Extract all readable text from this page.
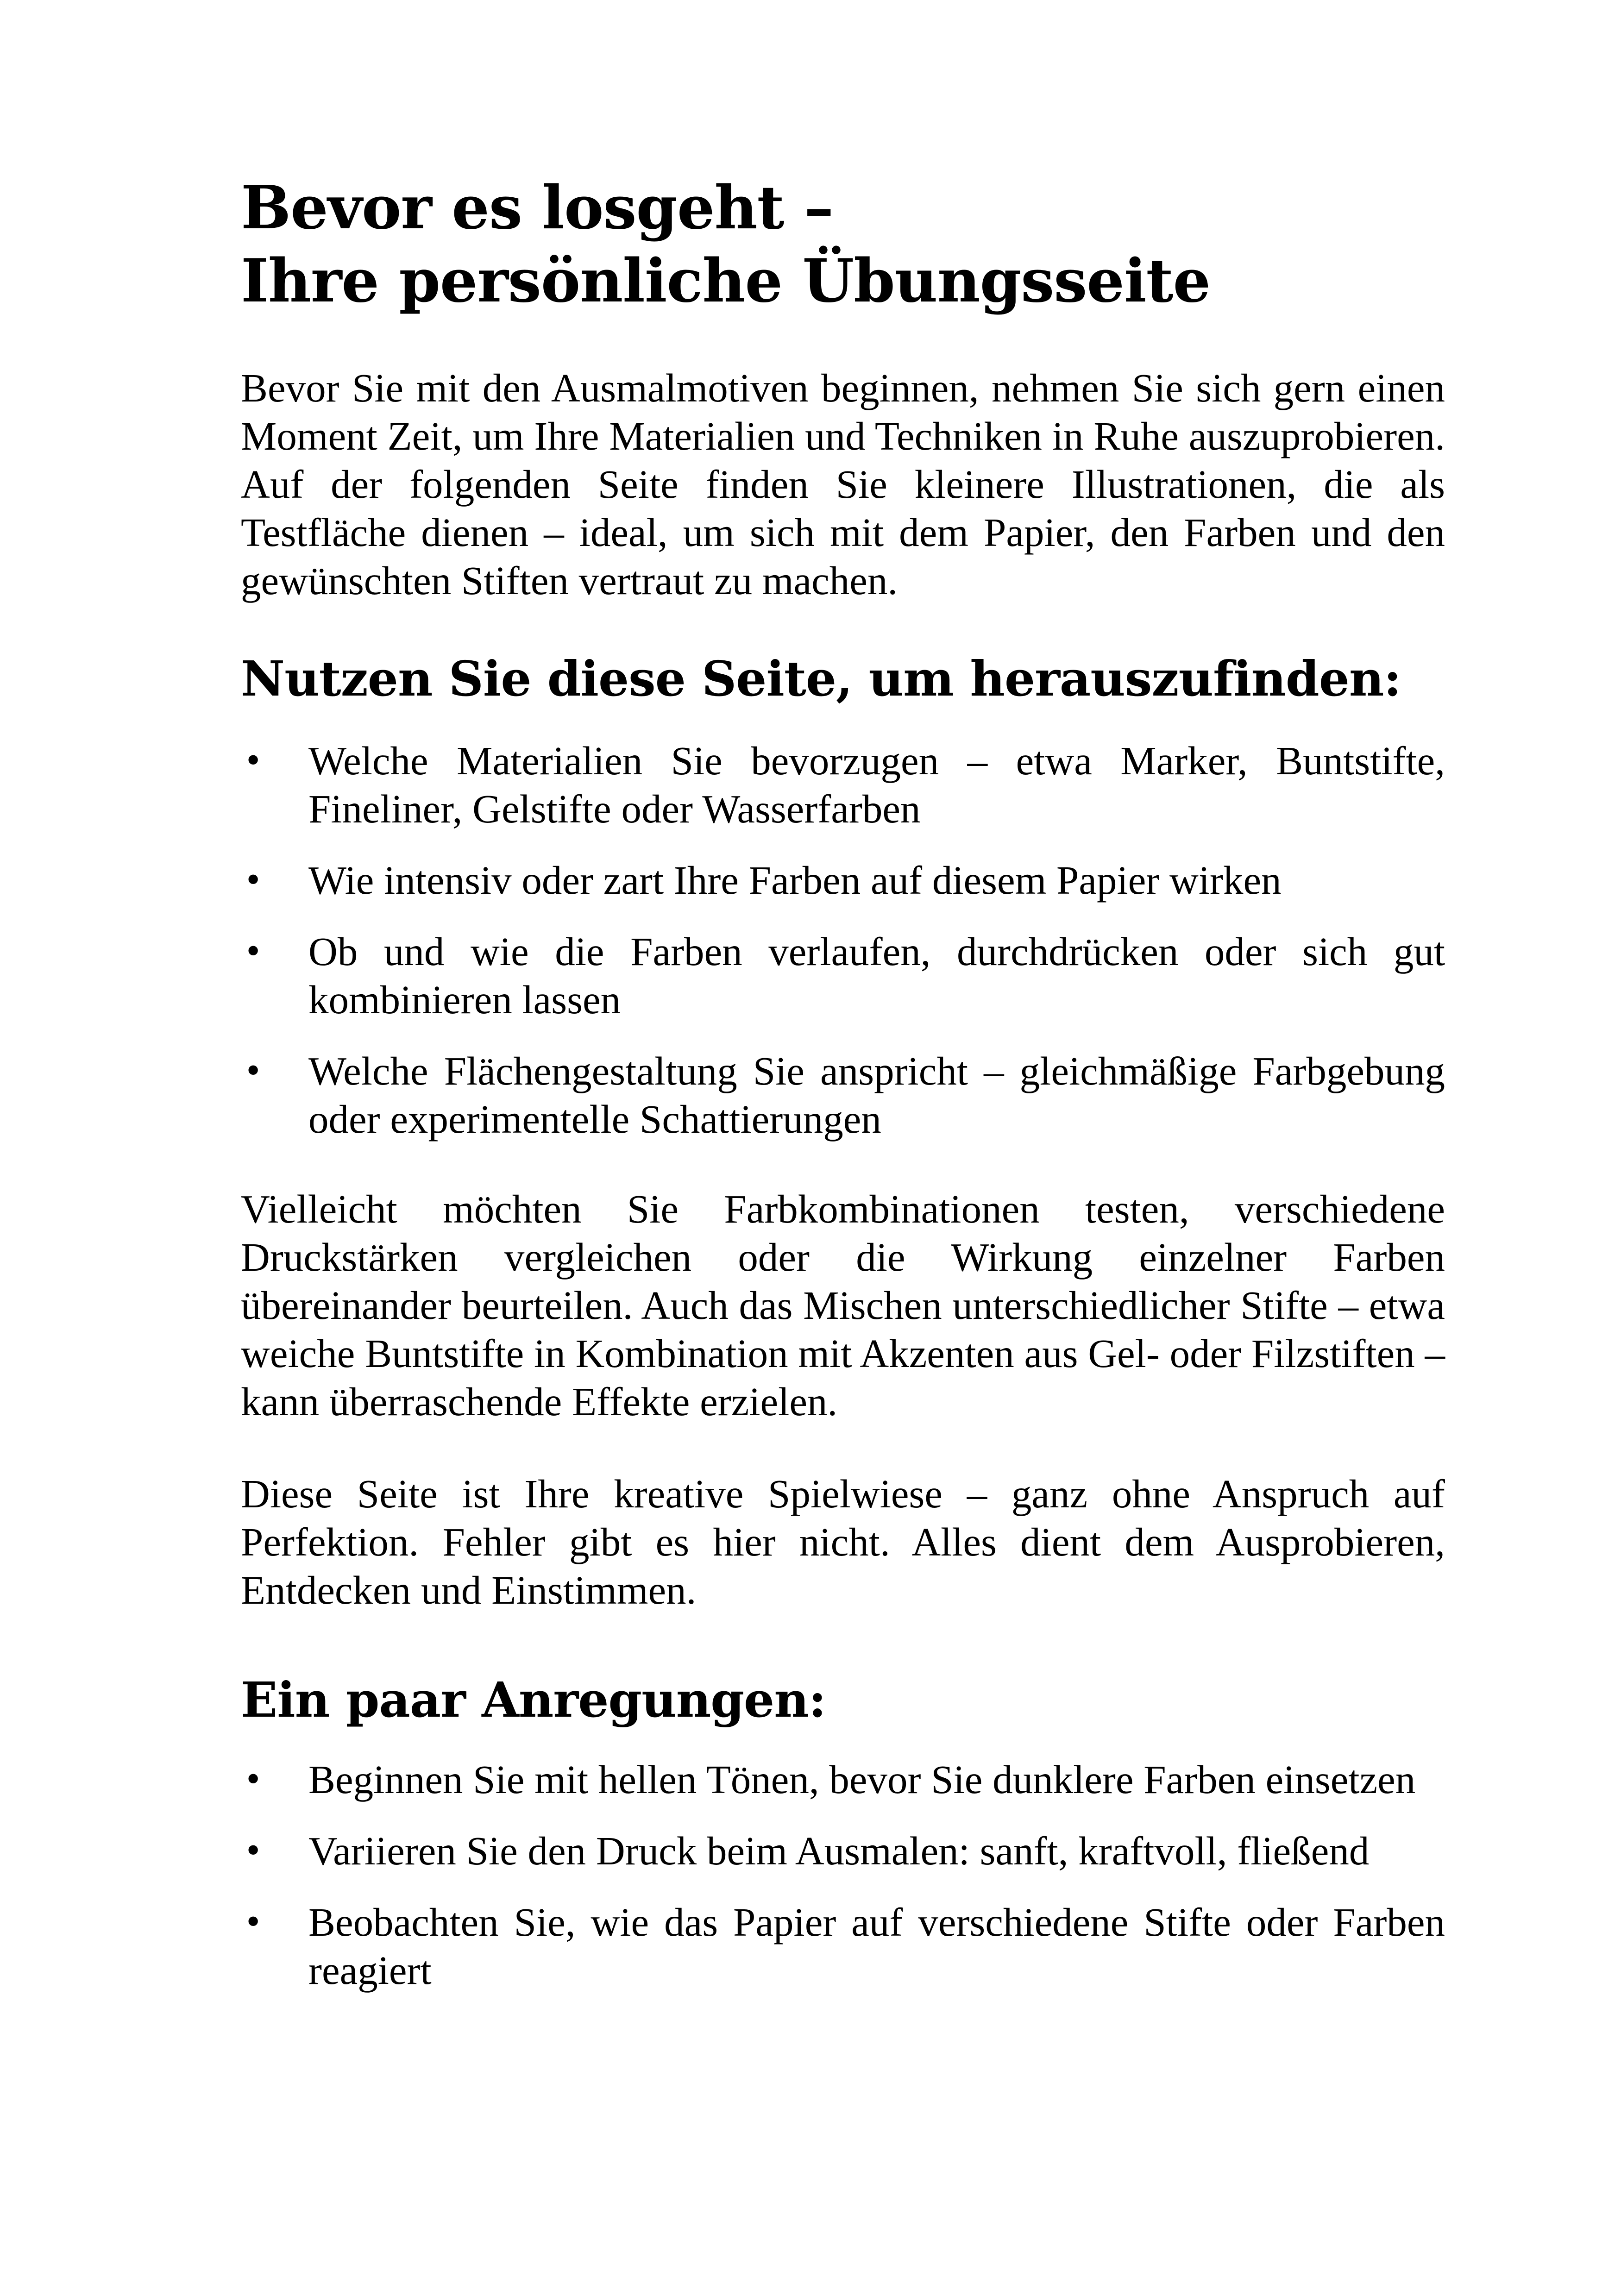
Bevor es losgeht –
Ihre persönliche Übungsseite

Bevor Sie mit den Ausmalmotiven beginnen, nehmen Sie sich gern einen Moment Zeit, um Ihre Materialien und Techniken in Ruhe auszuprobieren. Auf der folgenden Seite finden Sie kleinere Illustrationen, die als Testfläche dienen – ideal, um sich mit dem Papier, den Farben und den gewünschten Stiften vertraut zu machen.

Nutzen Sie diese Seite, um herauszufinden:
• Welche Materialien Sie bevorzugen – etwa Marker, Buntstifte, Fineliner, Gelstifte oder Wasserfarben
• Wie intensiv oder zart Ihre Farben auf diesem Papier wirken
• Ob und wie die Farben verlaufen, durchdrücken oder sich gut kombinieren lassen
• Welche Flächengestaltung Sie anspricht – gleichmäßige Farbgebung oder experimentelle Schattierungen

Vielleicht möchten Sie Farbkombinationen testen, verschiedene Druckstärken vergleichen oder die Wirkung einzelner Farben übereinander beurteilen. Auch das Mischen unterschiedlicher Stifte – etwa weiche Buntstifte in Kombination mit Akzenten aus Gel- oder Filzstiften – kann überraschende Effekte erzielen.

Diese Seite ist Ihre kreative Spielwiese – ganz ohne Anspruch auf Perfektion. Fehler gibt es hier nicht. Alles dient dem Ausprobieren, Entdecken und Einstimmen.

Ein paar Anregungen:
• Beginnen Sie mit hellen Tönen, bevor Sie dunklere Farben einsetzen
• Variieren Sie den Druck beim Ausmalen: sanft, kraftvoll, fließend
• Beobachten Sie, wie das Papier auf verschiedene Stifte oder Farben reagiert
